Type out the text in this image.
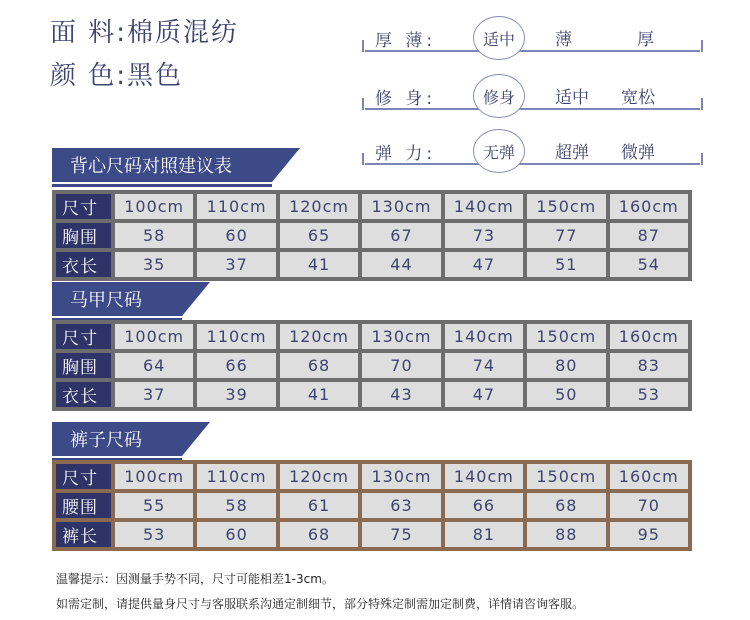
面 料:棉质混纺
颜 色:黑色
厚 薄:	适中	薄	厚
修 身:	修身	适中 宽松
弹 力:	无弹	超弹 微弹
背心尺码对照建议表
尺寸	100cm	110cm	120cm	130cm	140cm	150cm	160cm
胸围	58	60	65	67	73	77	87
衣长	35	37	41	44	47	51	54
马甲尺码
尺寸	100cm	110cm	120cm	130cm	140cm	150cm	160cm
胸围	64	66	68	70	74	80	83
衣长	37	39	41	43	47	50	53
裤子尺码
尺寸	100cm	110cm	120cm	130cm	140cm	150cm	160cm
腰围	55	58	61	63	66	68	70
裤长	53	60	68	75	81	88	95
温馨提示：因测量手势不同，尺寸可能相差1-3cm。
如需定制，请提供量身尺寸与客服联系沟通定制细节，部分特殊定制需加定制费，详情请咨询客服。
